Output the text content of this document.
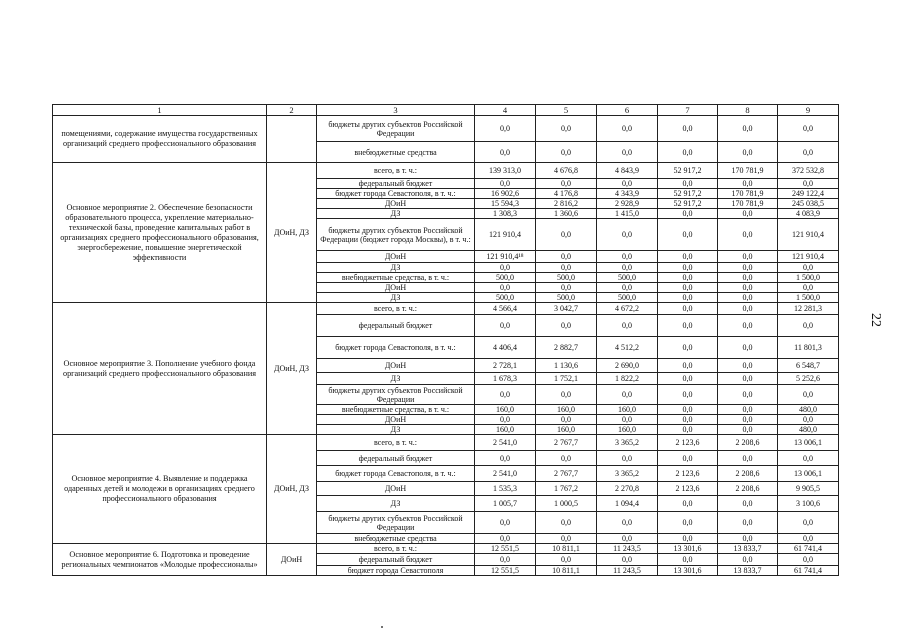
1	2	3	4	5	6	7	8	9
помещениями, содержание имущества государственных организаций среднего профессионального образования		бюджеты других субъектов Российской Федерации	0,0	0,0	0,0	0,0	0,0	0,0
		внебюджетные средства	0,0	0,0	0,0	0,0	0,0	0,0
Основное мероприятие 2. Обеспечение безопасности образовательного процесса, укрепление материально-технической базы, проведение капитальных работ в организациях среднего профессионального образования, энергосбережение, повышение энергетической эффективности	ДОиН, ДЗ	всего, в т. ч.:	139 313,0	4 676,8	4 843,9	52 917,2	170 781,9	372 532,8
		федеральный бюджет	0,0	0,0	0,0	0,0	0,0	0,0
		бюджет города Севастополя, в т. ч.:	16 902,6	4 176,8	4 343,9	52 917,2	170 781,9	249 122,4
		ДОиН	15 594,3	2 816,2	2 928,9	52 917,2	170 781,9	245 038,5
		ДЗ	1 308,3	1 360,6	1 415,0	0,0	0,0	4 083,9
		бюджеты других субъектов Российской Федерации (бюджет города Москвы), в т. ч.:	121 910,4	0,0	0,0	0,0	0,0	121 910,4
		ДОиН	121 910,4¹⁸	0,0	0,0	0,0	0,0	121 910,4
		ДЗ	0,0	0,0	0,0	0,0	0,0	0,0
		внебюджетные средства, в т. ч.:	500,0	500,0	500,0	0,0	0,0	1 500,0
		ДОиН	0,0	0,0	0,0	0,0	0,0	0,0
		ДЗ	500,0	500,0	500,0	0,0	0,0	1 500,0
Основное мероприятие 3. Пополнение учебного фонда организаций среднего профессионального образования	ДОиН, ДЗ	всего, в т. ч.:	4 566,4	3 042,7	4 672,2	0,0	0,0	12 281,3
		федеральный бюджет	0,0	0,0	0,0	0,0	0,0	0,0
		бюджет города Севастополя, в т. ч.:	4 406,4	2 882,7	4 512,2	0,0	0,0	11 801,3
		ДОиН	2 728,1	1 130,6	2 690,0	0,0	0,0	6 548,7
		ДЗ	1 678,3	1 752,1	1 822,2	0,0	0,0	5 252,6
		бюджеты других субъектов Российской Федерации	0,0	0,0	0,0	0,0	0,0	0,0
		внебюджетные средства, в т. ч.:	160,0	160,0	160,0	0,0	0,0	480,0
		ДОиН	0,0	0,0	0,0	0,0	0,0	0,0
		ДЗ	160,0	160,0	160,0	0,0	0,0	480,0
Основное мероприятие 4. Выявление и поддержка одаренных детей и молодежи в организациях среднего профессионального образования	ДОиН, ДЗ	всего, в т. ч.:	2 541,0	2 767,7	3 365,2	2 123,6	2 208,6	13 006,1
		федеральный бюджет	0,0	0,0	0,0	0,0	0,0	0,0
		бюджет города Севастополя, в т. ч.:	2 541,0	2 767,7	3 365,2	2 123,6	2 208,6	13 006,1
		ДОиН	1 535,3	1 767,2	2 270,8	2 123,6	2 208,6	9 905,5
		ДЗ	1 005,7	1 000,5	1 094,4	0,0	0,0	3 100,6
		бюджеты других субъектов Российской Федерации	0,0	0,0	0,0	0,0	0,0	0,0
		внебюджетные средства	0,0	0,0	0,0	0,0	0,0	0,0
Основное мероприятие 6. Подготовка и проведение региональных чемпионатов «Молодые профессионалы»	ДОиН	всего, в т. ч.:	12 551,5	10 811,1	11 243,5	13 301,6	13 833,7	61 741,4
		федеральный бюджет	0,0	0,0	0,0	0,0	0,0	0,0
		бюджет города Севастополя	12 551,5	10 811,1	11 243,5	13 301,6	13 833,7	61 741,4
22
